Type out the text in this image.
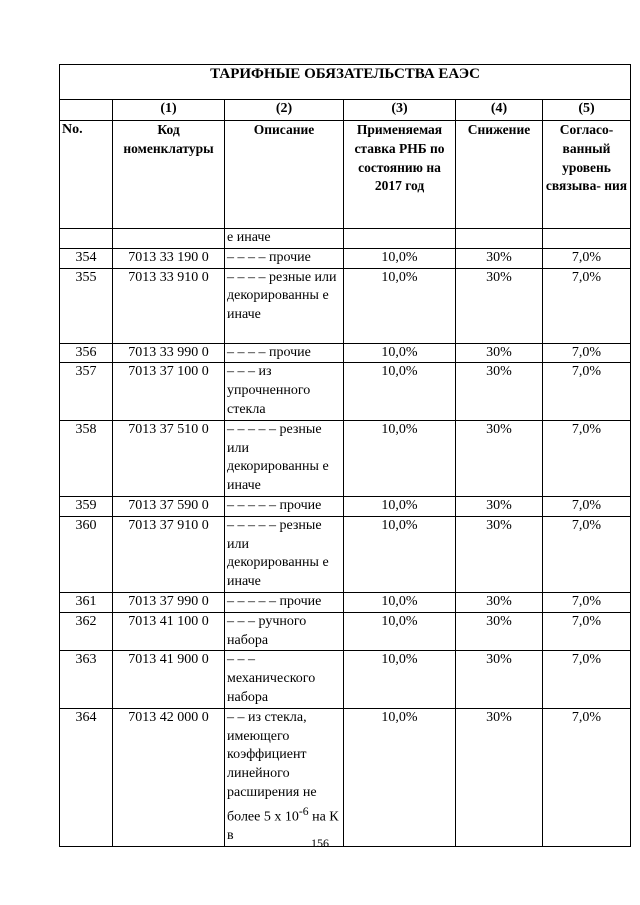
ТАРИФНЫЕ ОБЯЗАТЕЛЬСТВА ЕАЭС					
	(1)	(2)	(3)	(4)	(5)
No.	Код номенклатуры	Описание	Применяемая ставка РНБ по состоянию на 2017 год	Снижение	Согласо- ванный уровень связыва- ния
		е иначе			
354	7013 33 190 0	– – – – прочие	10,0%	30%	7,0%
355	7013 33 910 0	– – – – резные или декорированны е иначе	10,0%	30%	7,0%
356	7013 33 990 0	– – – – прочие	10,0%	30%	7,0%
357	7013 37 100 0	– – – из упрочненного стекла	10,0%	30%	7,0%
358	7013 37 510 0	– – – – – резные или декорированны е иначе	10,0%	30%	7,0%
359	7013 37 590 0	– – – – – прочие	10,0%	30%	7,0%
360	7013 37 910 0	– – – – – резные или декорированны е иначе	10,0%	30%	7,0%
361	7013 37 990 0	– – – – – прочие	10,0%	30%	7,0%
362	7013 41 100 0	– – – ручного набора	10,0%	30%	7,0%
363	7013 41 900 0	– – – механического набора	10,0%	30%	7,0%
364	7013 42 000 0	– – из стекла, имеющего коэффициент линейного расширения не более 5 х $10^{-6}$ на К в	10,0%	30%	7,0%
156
